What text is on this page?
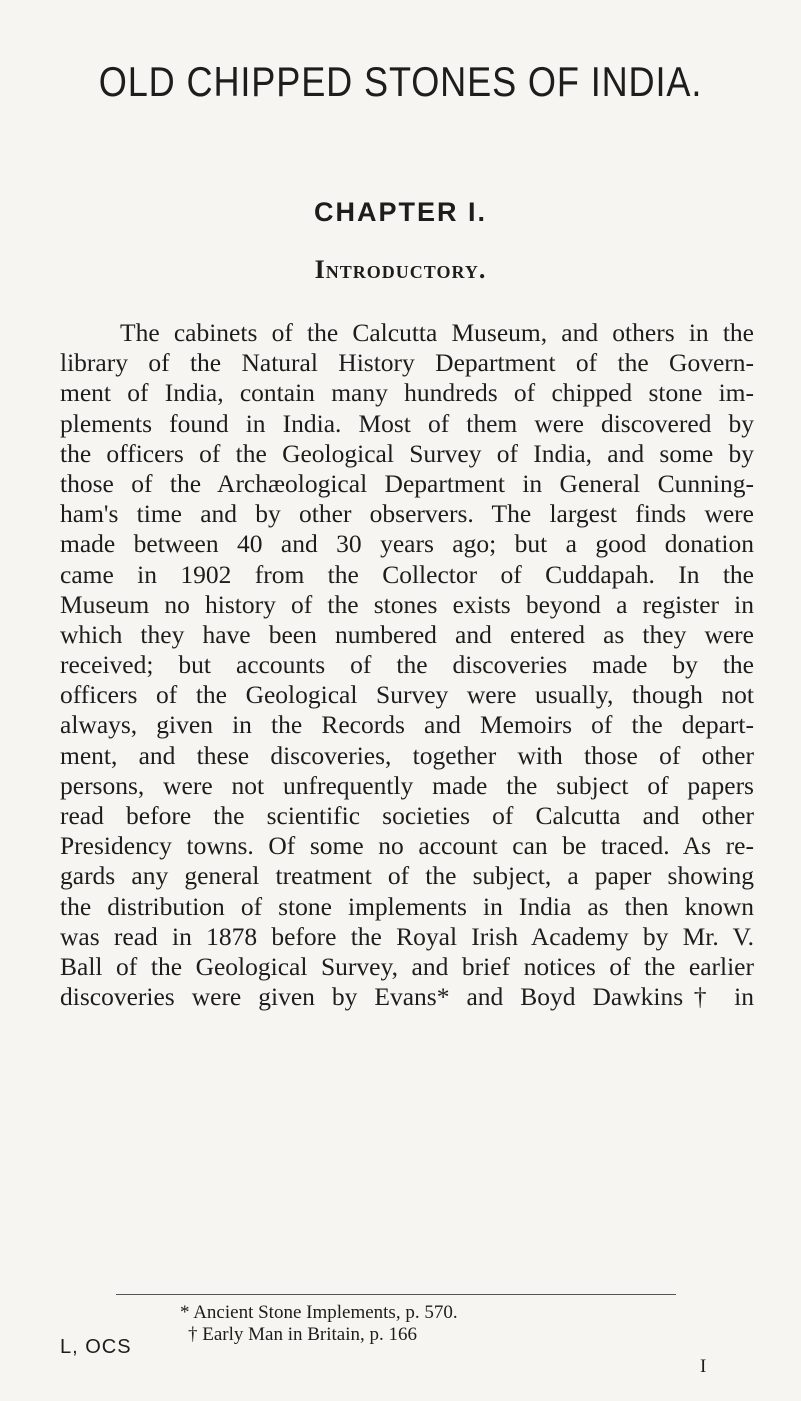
OLD CHIPPED STONES OF INDIA.
CHAPTER I.
Introductory.
The cabinets of the Calcutta Museum, and others in the
library of the Natural History Department of the Govern-
ment of India, contain many hundreds of chipped stone im-
plements found in India. Most of them were discovered by
the officers of the Geological Survey of India, and some by
those of the Archæological Department in General Cunning-
ham's time and by other observers. The largest finds were
made between 40 and 30 years ago; but a good donation
came in 1902 from the Collector of Cuddapah. In the
Museum no history of the stones exists beyond a register in
which they have been numbered and entered as they were
received; but accounts of the discoveries made by the
officers of the Geological Survey were usually, though not
always, given in the Records and Memoirs of the depart-
ment, and these discoveries, together with those of other
persons, were not unfrequently made the subject of papers
read before the scientific societies of Calcutta and other
Presidency towns. Of some no account can be traced. As re-
gards any general treatment of the subject, a paper showing
the distribution of stone implements in India as then known
was read in 1878 before the Royal Irish Academy by Mr. V.
Ball of the Geological Survey, and brief notices of the earlier
discoveries were given by Evans* and Boyd Dawkins† in
* Ancient Stone Implements, p. 570.
† Early Man in Britain, p. 166
L, OCS
I
